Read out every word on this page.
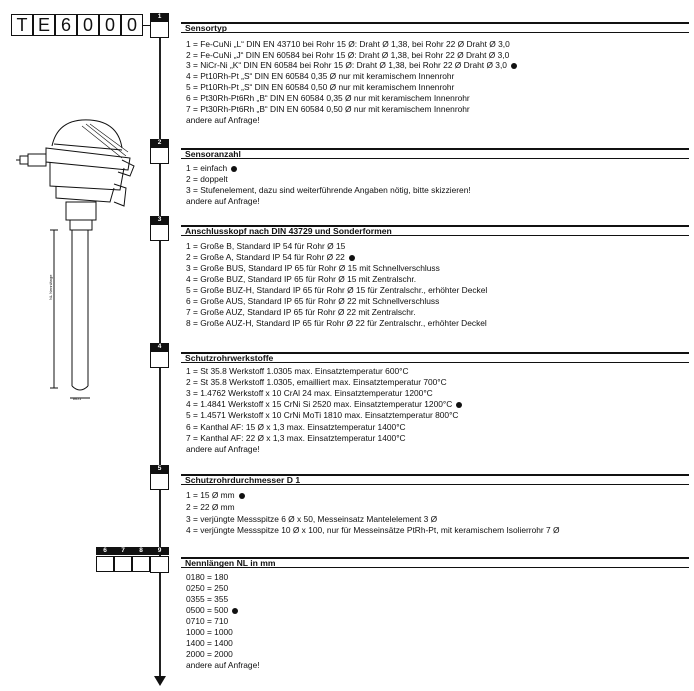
T E 6 0 0 0
NL Nennlänge
ØD1
1
Sensortyp
1 = Fe-CuNi „L“ DIN EN 43710 bei Rohr 15 Ø: Draht Ø 1,38, bei Rohr 22 Ø Draht Ø 3,0
2 = Fe-CuNi „J“ DIN EN 60584 bei Rohr 15 Ø: Draht Ø 1,38, bei Rohr 22 Ø Draht Ø 3,0
3 = NiCr-Ni „K“ DIN EN 60584 bei Rohr 15 Ø: Draht Ø 1,38, bei Rohr 22 Ø Draht Ø 3,0
4 = Pt10Rh-Pt „S“ DIN EN 60584 0,35 Ø nur mit keramischem Innenrohr
5 = Pt10Rh-Pt „S“ DIN EN 60584 0,50 Ø nur mit keramischem Innenrohr
6 = Pt30Rh-Pt6Rh „B“ DIN EN 60584 0,35 Ø nur mit keramischem Innenrohr
7 = Pt30Rh-Pt6Rh „B“ DIN EN 60584 0,50 Ø nur mit keramischem Innenrohr
andere auf Anfrage!
2
Sensoranzahl
1 = einfach
2 = doppelt
3 = Stufenelement, dazu sind weiterführende Angaben nötig, bitte skizzieren!
andere auf Anfrage!
3
Anschlusskopf nach DIN 43729 und Sonderformen
1 = Große B, Standard IP 54 für Rohr Ø 15
2 = Große A, Standard IP 54 für Rohr Ø 22
3 = Große BUS, Standard IP 65 für Rohr Ø 15 mit Schnellverschluss
4 = Große BUZ, Standard IP 65 für Rohr Ø 15 mit Zentralschr.
5 = Große BUZ-H, Standard IP 65 für Rohr Ø 15 für Zentralschr., erhöhter Deckel
6 = Große AUS, Standard IP 65 für Rohr Ø 22 mit Schnellverschluss
7 = Große AUZ, Standard IP 65 für Rohr Ø 22 mit Zentralschr.
8 = Große AUZ-H, Standard IP 65 für Rohr Ø 22 für Zentralschr., erhöhter Deckel
4
Schutzrohrwerkstoffe
1 = St 35.8 Werkstoff 1.0305 max. Einsatztemperatur 600°C
2 = St 35.8 Werkstoff 1.0305, emailliert max. Einsatztemperatur 700°C
3 = 1.4762 Werkstoff x 10 CrAl 24 max. Einsatztemperatur 1200°C
4 = 1.4841 Werkstoff x 15 CrNi Si 2520 max. Einsatztemperatur 1200°C
5 = 1.4571 Werkstoff x 10 CrNi MoTi 1810 max. Einsatztemperatur 800°C
6 = Kanthal AF: 15 Ø x 1,3 max. Einsatztemperatur 1400°C
7 = Kanthal AF: 22 Ø x 1,3 max. Einsatztemperatur 1400°C
andere auf Anfrage!
5
Schutzrohrdurchmesser D 1
1 = 15 Ø mm
2 = 22 Ø mm
3 = verjüngte Messspitze 6 Ø x 50, Messeinsatz Mantelelement 3 Ø
4 = verjüngte Messspitze 10 Ø x 100, nur für Messeinsätze PtRh-Pt, mit keramischem Isolierrohr 7 Ø
6	7	8	9
Nennlängen NL in mm
0180 = 180
0250 = 250
0355 = 355
0500 = 500
0710 = 710
1000 = 1000
1400 = 1400
2000 = 2000
andere auf Anfrage!
